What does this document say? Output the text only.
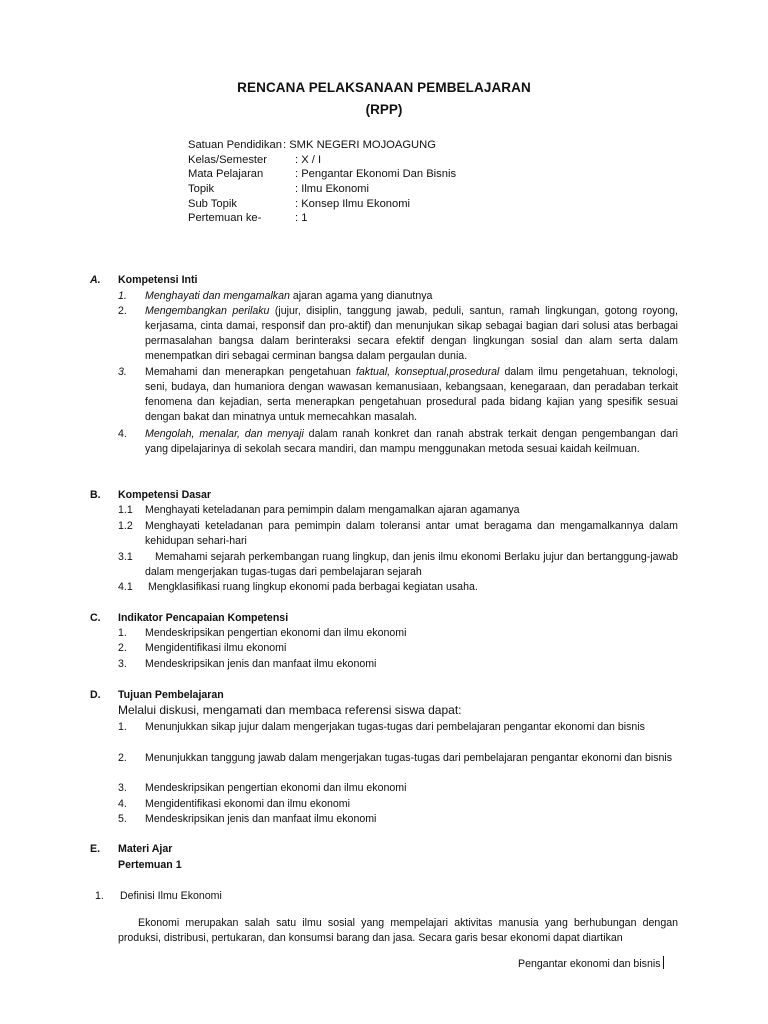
RENCANA PELAKSANAAN PEMBELAJARAN
(RPP)
Satuan Pendidikan : SMK NEGERI MOJOAGUNG
Kelas/Semester	: X / I
Mata Pelajaran	: Pengantar Ekonomi Dan Bisnis
Topik	: Ilmu Ekonomi
Sub Topik	: Konsep Ilmu Ekonomi
Pertemuan ke-	: 1
A. Kompetensi Inti
1. Menghayati dan mengamalkan ajaran agama yang dianutnya
2. Mengembangkan perilaku (jujur, disiplin, tanggung jawab, peduli, santun, ramah lingkungan, gotong royong, kerjasama, cinta damai, responsif dan pro-aktif) dan menunjukan sikap sebagai bagian dari solusi atas berbagai permasalahan bangsa dalam berinteraksi secara efektif dengan lingkungan sosial dan alam serta dalam menempatkan diri sebagai cerminan bangsa dalam pergaulan dunia.
3. Memahami dan menerapkan pengetahuan faktual, konseptual,prosedural dalam ilmu pengetahuan, teknologi, seni, budaya, dan humaniora dengan wawasan kemanusiaan, kebangsaan, kenegaraan, dan peradaban terkait fenomena dan kejadian, serta menerapkan pengetahuan prosedural pada bidang kajian yang spesifik sesuai dengan bakat dan minatnya untuk memecahkan masalah.
4. Mengolah, menalar, dan menyaji dalam ranah konkret dan ranah abstrak terkait dengan pengembangan dari yang dipelajarinya di sekolah secara mandiri, dan mampu menggunakan metoda sesuai kaidah keilmuan.
B. Kompetensi Dasar
1.1 Menghayati keteladanan para pemimpin dalam mengamalkan ajaran agamanya
1.2 Menghayati keteladanan para pemimpin dalam toleransi antar umat beragama dan mengamalkannya dalam kehidupan sehari-hari
3.1	Memahami sejarah perkembangan ruang lingkup, dan jenis ilmu ekonomi Berlaku jujur dan bertanggung-jawab dalam mengerjakan tugas-tugas dari pembelajaran sejarah
4.1 Mengklasifikasi ruang lingkup ekonomi pada berbagai kegiatan usaha.
C. Indikator Pencapaian Kompetensi
1. Mendeskripsikan pengertian ekonomi dan ilmu ekonomi
2. Mengidentifikasi ilmu ekonomi
3. Mendeskripsikan jenis dan manfaat ilmu ekonomi
D. Tujuan Pembelajaran
Melalui diskusi, mengamati dan membaca referensi siswa dapat:
1. Menunjukkan sikap jujur dalam mengerjakan tugas-tugas dari pembelajaran pengantar ekonomi dan bisnis
2. Menunjukkan tanggung jawab dalam mengerjakan tugas-tugas dari pembelajaran pengantar ekonomi dan bisnis
3. Mendeskripsikan pengertian ekonomi dan ilmu ekonomi
4. Mengidentifikasi ekonomi dan ilmu ekonomi
5. Mendeskripsikan jenis dan manfaat ilmu ekonomi
E. Materi Ajar
Pertemuan 1
1. Definisi Ilmu Ekonomi
Ekonomi merupakan salah satu ilmu sosial yang mempelajari aktivitas manusia yang berhubungan dengan produksi, distribusi, pertukaran, dan konsumsi barang dan jasa. Secara garis besar ekonomi dapat diartikan
Pengantar ekonomi dan bisnis
